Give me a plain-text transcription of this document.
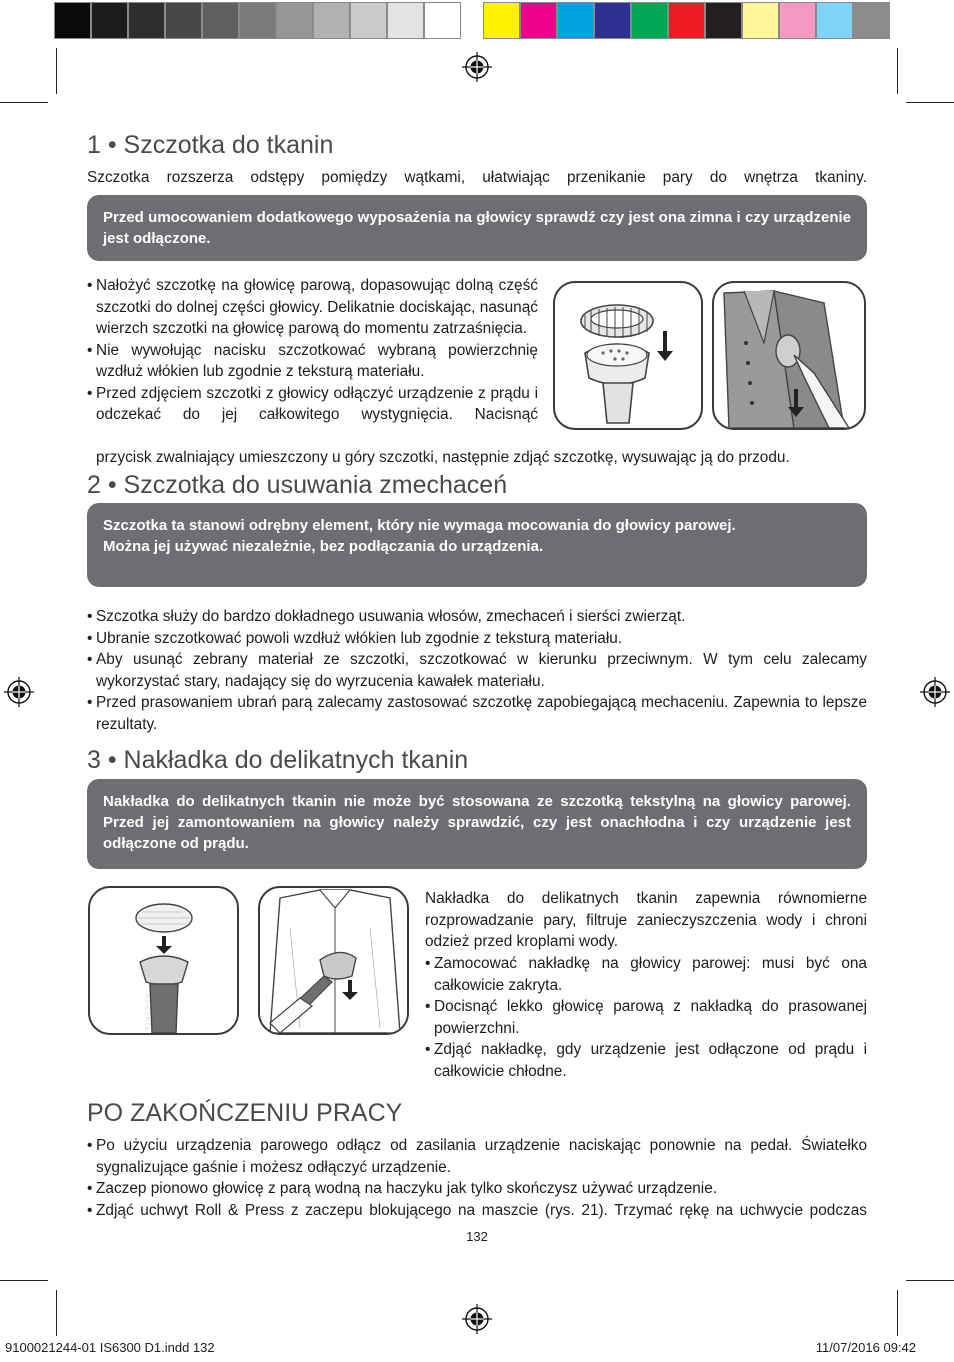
1 • Szczotka do tkanin
Szczotka rozszerza odstępy pomiędzy wątkami, ułatwiając przenikanie pary do wnętrza tkaniny.
Przed umocowaniem dodatkowego wyposażenia na głowicy sprawdź czy jest ona zimna i czy urządzenie jest odłączone.
• Nałożyć szczotkę na głowicę parową, dopasowując dolną część szczotki do dolnej części głowicy. Delikatnie dociskając, nasunąć wierzch szczotki na głowicę parową do momentu zatrzaśnięcia.
• Nie wywołując nacisku szczotkować wybraną powierzchnię wzdłuż włókien lub zgodnie z teksturą materiału.
• Przed zdjęciem szczotki z głowicy odłączyć urządzenie z prądu i odczekać do jej całkowitego wystygnięcia. Nacisnąć
przycisk zwalniający umieszczony u góry szczotki, następnie zdjąć szczotkę, wysuwając ją do przodu.
2 • Szczotka do usuwania zmechaceń
Szczotka ta stanowi odrębny element, który nie wymaga mocowania do głowicy parowej.
Można jej używać niezależnie, bez podłączania do urządzenia.
• Szczotka służy do bardzo dokładnego usuwania włosów, zmechaceń i sierści zwierząt.
• Ubranie szczotkować powoli wzdłuż włókien lub zgodnie z teksturą materiału.
• Aby usunąć zebrany materiał ze szczotki, szczotkować w kierunku przeciwnym. W tym celu zalecamy wykorzystać stary, nadający się do wyrzucenia kawałek materiału.
• Przed prasowaniem ubrań parą zalecamy zastosować szczotkę zapobiegającą mechaceniu. Zapewnia to lepsze rezultaty.
3 • Nakładka do delikatnych tkanin
Nakładka do delikatnych tkanin nie może być stosowana ze szczotką tekstylną na głowicy parowej. Przed jej zamontowaniem na głowicy należy sprawdzić, czy jest onachłodna i czy urządzenie jest odłączone od prądu.
ROWENTA
Nakładka do delikatnych tkanin zapewnia równomierne rozprowadzanie pary, filtruje zanieczyszczenia wody i chroni odzież przed kroplami wody.
• Zamocować nakładkę na głowicy parowej: musi być ona całkowicie zakryta.
• Docisnąć lekko głowicę parową z nakładką do prasowanej powierzchni.
• Zdjąć nakładkę, gdy urządzenie jest odłączone od prądu i całkowicie chłodne.
PO ZAKOŃCZENIU PRACY
• Po użyciu urządzenia parowego odłącz od zasilania urządzenie naciskając ponownie na pedał. Światełko sygnalizujące gaśnie i możesz odłączyć urządzenie.
• Zaczep pionowo głowicę z parą wodną na haczyku jak tylko skończysz używać urządzenie.
• Zdjąć uchwyt Roll & Press z zaczepu blokującego na maszcie (rys. 21). Trzymać rękę na uchwycie podczas
132
9100021244-01 IS6300 D1.indd 132	11/07/2016 09:42
